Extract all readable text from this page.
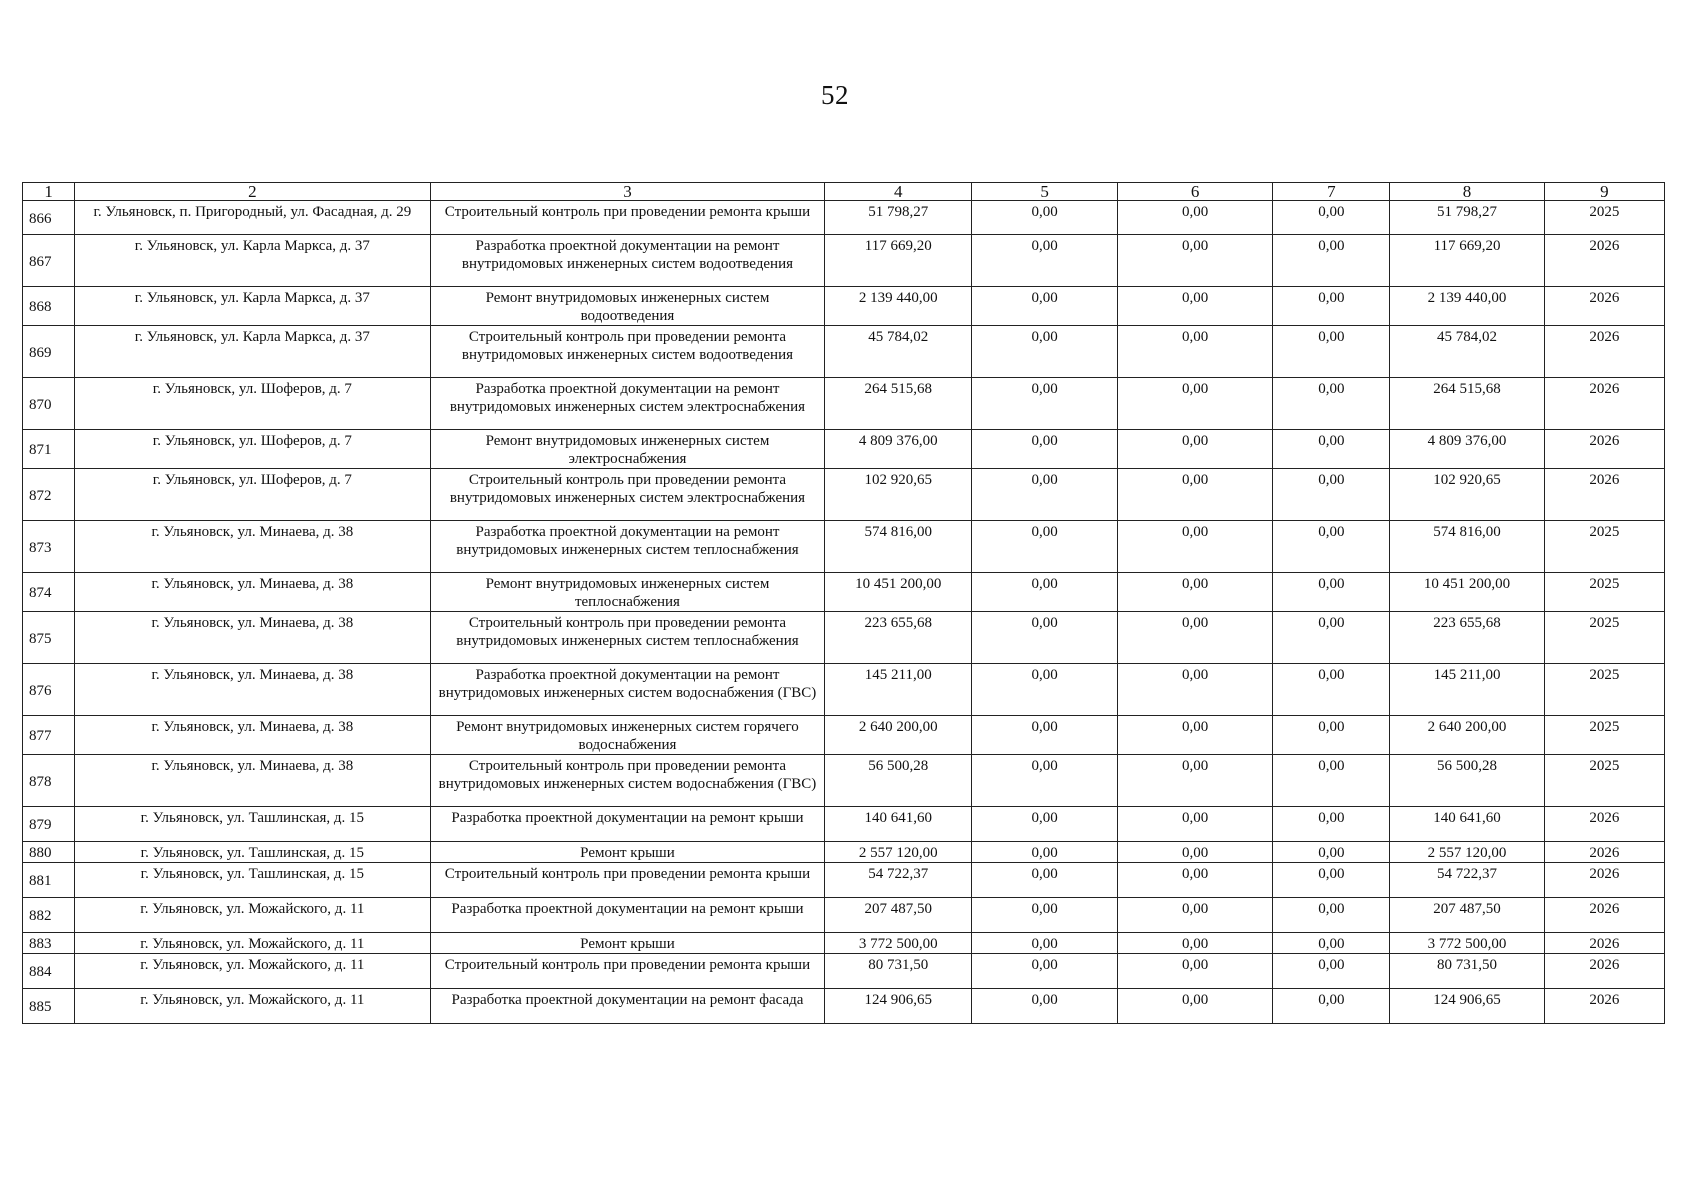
52
1	2	3	4	5	6	7	8	9
866	г. Ульяновск, п. Пригородный, ул. Фасадная, д. 29	Строительный контроль при проведении ремонта крыши	51 798,27	0,00	0,00	0,00	51 798,27	2025
867	г. Ульяновск, ул. Карла Маркса, д. 37	Разработка проектной документации на ремонт внутридомовых инженерных систем водоотведения	117 669,20	0,00	0,00	0,00	117 669,20	2026
868	г. Ульяновск, ул. Карла Маркса, д. 37	Ремонт внутридомовых инженерных систем водоотведения	2 139 440,00	0,00	0,00	0,00	2 139 440,00	2026
869	г. Ульяновск, ул. Карла Маркса, д. 37	Строительный контроль при проведении ремонта внутридомовых инженерных систем водоотведения	45 784,02	0,00	0,00	0,00	45 784,02	2026
870	г. Ульяновск, ул. Шоферов, д. 7	Разработка проектной документации на ремонт внутридомовых инженерных систем электроснабжения	264 515,68	0,00	0,00	0,00	264 515,68	2026
871	г. Ульяновск, ул. Шоферов, д. 7	Ремонт внутридомовых инженерных систем электроснабжения	4 809 376,00	0,00	0,00	0,00	4 809 376,00	2026
872	г. Ульяновск, ул. Шоферов, д. 7	Строительный контроль при проведении ремонта внутридомовых инженерных систем электроснабжения	102 920,65	0,00	0,00	0,00	102 920,65	2026
873	г. Ульяновск, ул. Минаева, д. 38	Разработка проектной документации на ремонт внутридомовых инженерных систем теплоснабжения	574 816,00	0,00	0,00	0,00	574 816,00	2025
874	г. Ульяновск, ул. Минаева, д. 38	Ремонт внутридомовых инженерных систем теплоснабжения	10 451 200,00	0,00	0,00	0,00	10 451 200,00	2025
875	г. Ульяновск, ул. Минаева, д. 38	Строительный контроль при проведении ремонта внутридомовых инженерных систем теплоснабжения	223 655,68	0,00	0,00	0,00	223 655,68	2025
876	г. Ульяновск, ул. Минаева, д. 38	Разработка проектной документации на ремонт внутридомовых инженерных систем водоснабжения (ГВС)	145 211,00	0,00	0,00	0,00	145 211,00	2025
877	г. Ульяновск, ул. Минаева, д. 38	Ремонт внутридомовых инженерных систем горячего водоснабжения	2 640 200,00	0,00	0,00	0,00	2 640 200,00	2025
878	г. Ульяновск, ул. Минаева, д. 38	Строительный контроль при проведении ремонта внутридомовых инженерных систем водоснабжения (ГВС)	56 500,28	0,00	0,00	0,00	56 500,28	2025
879	г. Ульяновск, ул. Ташлинская, д. 15	Разработка проектной документации на ремонт крыши	140 641,60	0,00	0,00	0,00	140 641,60	2026
880	г. Ульяновск, ул. Ташлинская, д. 15	Ремонт крыши	2 557 120,00	0,00	0,00	0,00	2 557 120,00	2026
881	г. Ульяновск, ул. Ташлинская, д. 15	Строительный контроль при проведении ремонта крыши	54 722,37	0,00	0,00	0,00	54 722,37	2026
882	г. Ульяновск, ул. Можайского, д. 11	Разработка проектной документации на ремонт крыши	207 487,50	0,00	0,00	0,00	207 487,50	2026
883	г. Ульяновск, ул. Можайского, д. 11	Ремонт крыши	3 772 500,00	0,00	0,00	0,00	3 772 500,00	2026
884	г. Ульяновск, ул. Можайского, д. 11	Строительный контроль при проведении ремонта крыши	80 731,50	0,00	0,00	0,00	80 731,50	2026
885	г. Ульяновск, ул. Можайского, д. 11	Разработка проектной документации на ремонт фасада	124 906,65	0,00	0,00	0,00	124 906,65	2026
